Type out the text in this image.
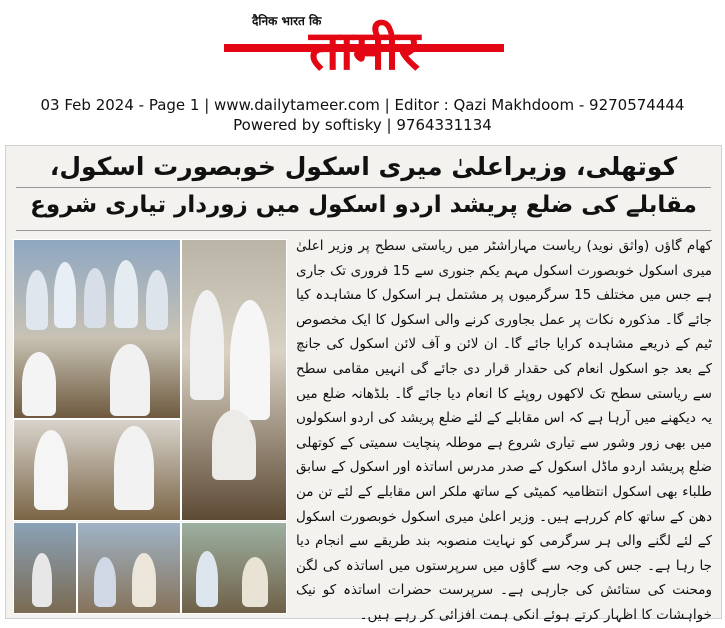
तामीर
दैनिक भारत कि
03 Feb 2024 - Page 1 | www.dailytameer.com | Editor : Qazi Makhdoom - 9270574444
Powered by softisky | 9764331134
کوتھلی، وزیراعلیٰ میری اسکول خوبصورت اسکول،
مقابلے کی ضلع پریشد اردو اسکول میں زوردار تیاری شروع
کھام گاؤں (واثق نوید) ریاست مہاراشٹر میں ریاستی سطح پر وزیر اعلیٰ میری اسکول خوبصورت اسکول مہم یکم جنوری سے 15 فروری تک جاری ہے جس میں مختلف 15 سرگرمیوں پر مشتمل ہر اسکول کا مشاہدہ کیا جائے گا۔ مذکورہ نکات پر عمل بجاوری کرنے والی اسکول کا ایک مخصوص ٹیم کے ذریعے مشاہدہ کرایا جائے گا۔ ان لائن و آف لائن اسکول کی جانچ کے بعد جو اسکول انعام کی حقدار قرار دی جائے گی انہیں مقامی سطح سے ریاستی سطح تک لاکھوں روپئے کا انعام دیا جائے گا۔ بلڈھانہ ضلع میں یہ دیکھنے میں آرہا ہے کہ اس مقابلے کے لئے ضلع پریشد کی اردو اسکولوں میں بھی زور وشور سے تیاری شروع ہے موطلہ پنچایت سمیتی کے کوتھلی ضلع پریشد اردو ماڈل اسکول کے صدر مدرس اساتذہ اور اسکول کے سابق طلباء بھی اسکول انتظامیہ کمیٹی کے ساتھ ملکر اس مقابلے کے لئے تن من دھن کے ساتھ کام کررہے ہیں۔ وزیر اعلیٰ میری اسکول خوبصورت اسکول کے لئے لگنے والی ہر سرگرمی کو نہایت منصوبہ بند طریقے سے انجام دیا جا رہا ہے۔ جس کی وجہ سے گاؤں میں سرپرستوں میں اساتذہ کی لگن ومحنت کی ستائش کی جارہی ہے۔ سرپرست حضرات اساتذہ کو نیک خواہشات کا اظہار کرتے ہوئے انکی ہمت افزائی کر رہے ہیں۔
